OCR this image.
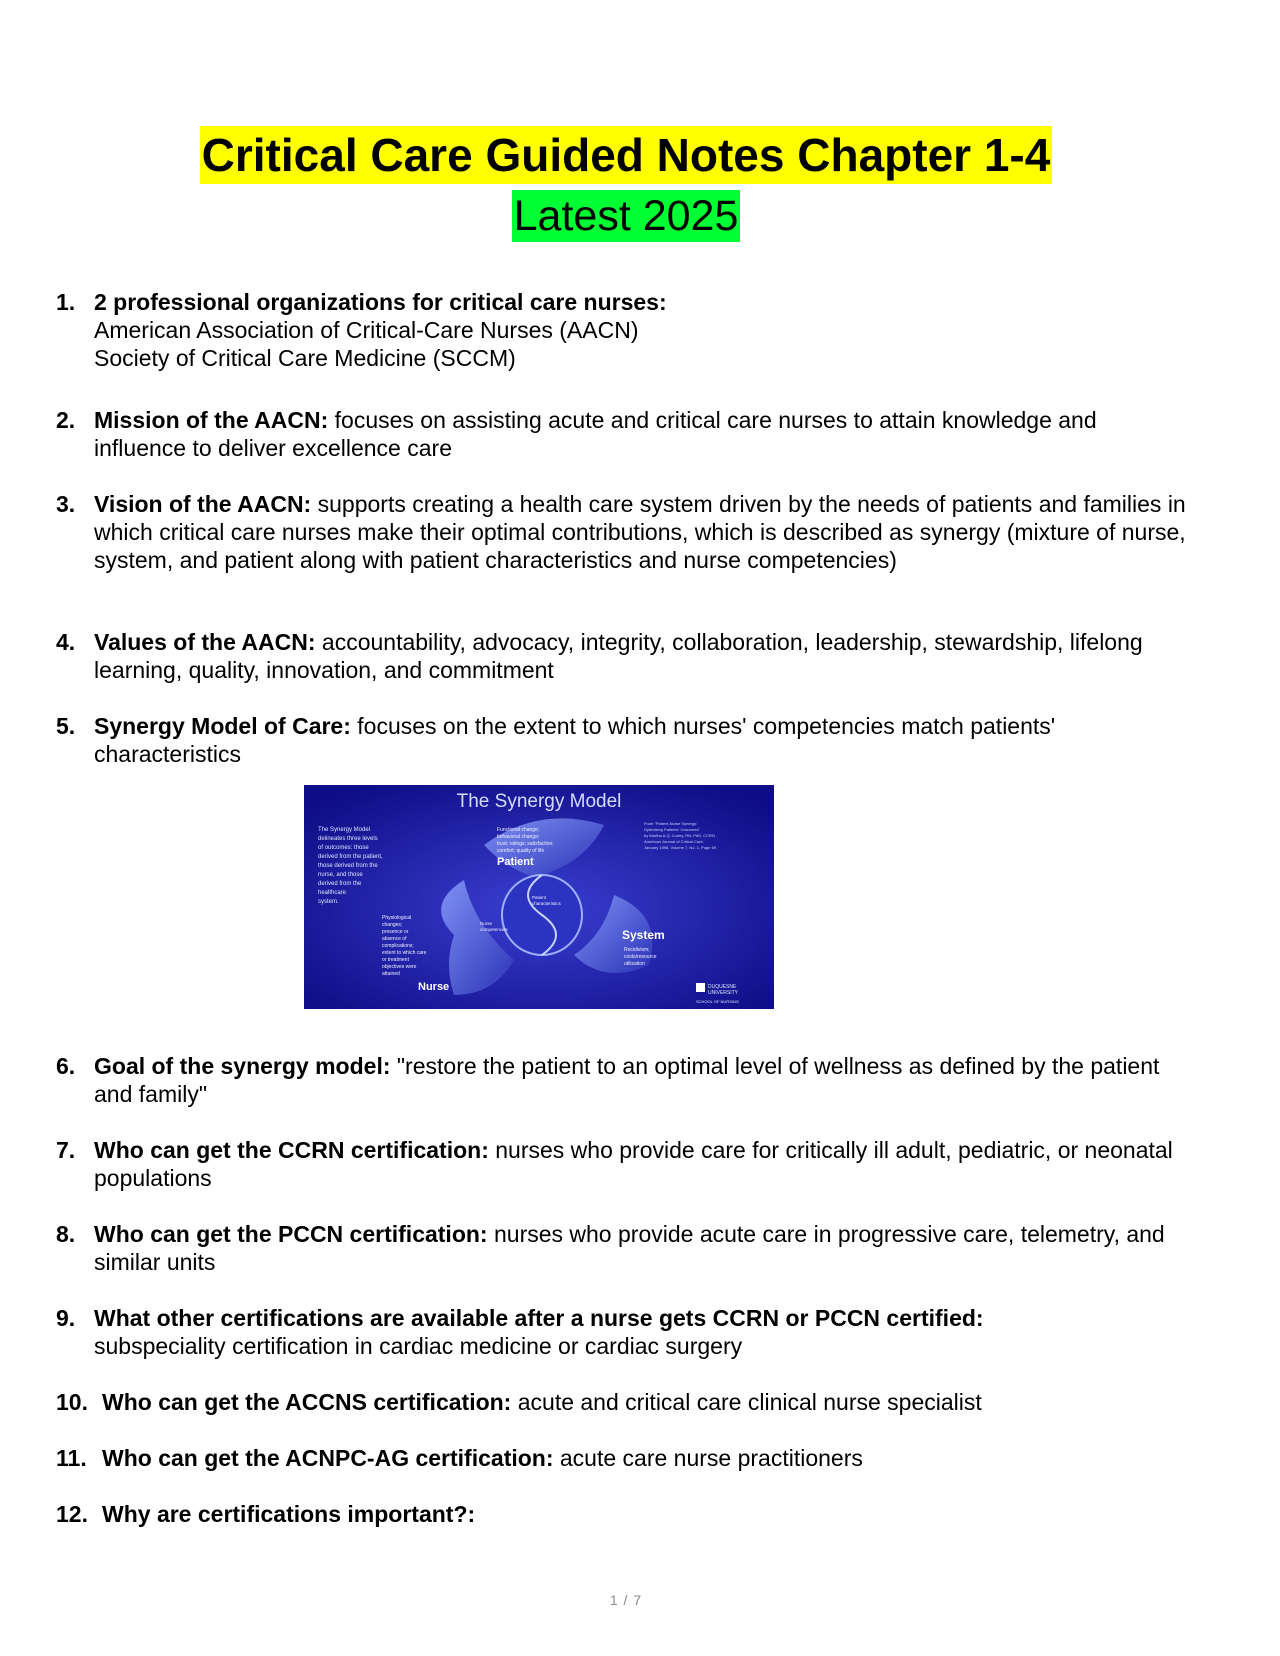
Critical Care Guided Notes Chapter 1-4
Latest 2025
1. 2 professional organizations for critical care nurses:
American Association of Critical-Care Nurses (AACN)
Society of Critical Care Medicine (SCCM)
2. Mission of the AACN: focuses on assisting acute and critical care nurses to attain knowledge and influence to deliver excellence care
3. Vision of the AACN: supports creating a health care system driven by the needs of patients and families in which critical care nurses make their optimal contributions, which is described as synergy (mixture of nurse, system, and patient along with patient characteristics and nurse competencies)
4. Values of the AACN: accountability, advocacy, integrity, collaboration, leadership, stewardship, lifelong learning, quality, innovation, and commitment
5. Synergy Model of Care: focuses on the extent to which nurses' competencies match patients' characteristics
6. Goal of the synergy model: "restore the patient to an optimal level of wellness as defined by the patient and family"
7. Who can get the CCRN certification: nurses who provide care for critically ill adult, pediatric, or neonatal populations
8. Who can get the PCCN certification: nurses who provide acute care in progressive care, telemetry, and similar units
9. What other certifications are available after a nurse gets CCRN or PCCN certified:
subspeciality certification in cardiac medicine or cardiac surgery
10. Who can get the ACCNS certification: acute and critical care clinical nurse specialist
11. Who can get the ACNPC-AG certification: acute care nurse practitioners
12. Why are certifications important?:
The Synergy Model
The Synergy Model
delineates three levels
of outcomes: those
derived from the patient,
those derived from the
nurse, and those
derived from the
healthcare
system.
Functional change;
behavioral change;
trust; ratings; satisfaction;
comfort; quality of life
Patient
Patient
characteristics
Nurse
competencies
Physiological
changes;
presence or
absence of
complications;
extent to which care
or treatment
objectives were
attained
Nurse
System
Recidivism;
costs/resource
utilization
From "Patient-Nurse Synergy:
Optimizing Patients' Outcomes"
by Martha A.Q. Curley, RN, PhD, CCRN
American Journal of Critical Care,
January 1998, Volume 7, No. 1, Page 69
DUQUESNE
UNIVERSITY
SCHOOL OF NURSING
1 / 7
